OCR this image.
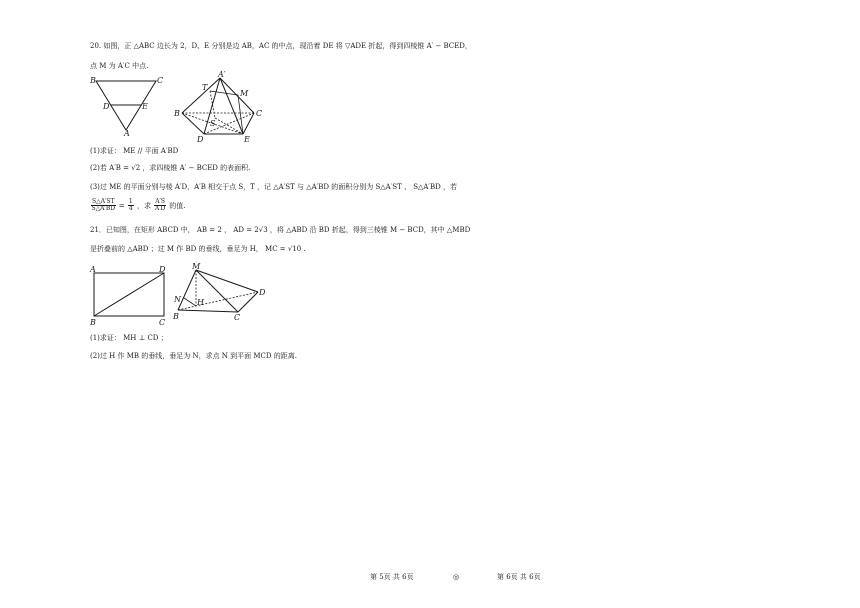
20. 如图，正 △ABC 边长为 2，D、E 分别是边 AB，AC 的中点，现沿着 DE 将 ▽ADE 折起，得到四棱锥 A′ − BCED，
点 M 为 A′C 中点.
B	C
D	E
A
A′
T
M
B	C
S
D	E
(1)求证： ME // 平面 A′BD
(2)若 A′B = √2 ，求四棱锥 A′ − BCED 的表面积.
(3)过 ME 的平面分别与棱 A′D，A′B 相交于点 S，T ，记 △A′ST 与 △A′BD 的面积分别为 S△A′ST 、 S△A′BD ，若
$\frac{S\triangle A'ST}{S\triangle A'BD} = \frac{1}{4}$ ，求 $\frac{A'S}{A'D}$ 的值.
21．已知图，在矩形 ABCD 中， AB = 2 ， AD = 2√3 ，将 △ABD 沿 BD 折起，得到三棱锥 M − BCD，其中 △MBD
是折叠前的 △ABD ；过 M 作 BD 的垂线，垂足为 H， MC = √10 .
A	D
B	C
M
N H
D
B	C
(1)求证： MH ⊥ CD ；
(2)过 H 作 MB 的垂线，垂足为 N，求点 N 到平面 MCD 的距离.
第 5页 共 6页	◎	第 6页 共 6页
